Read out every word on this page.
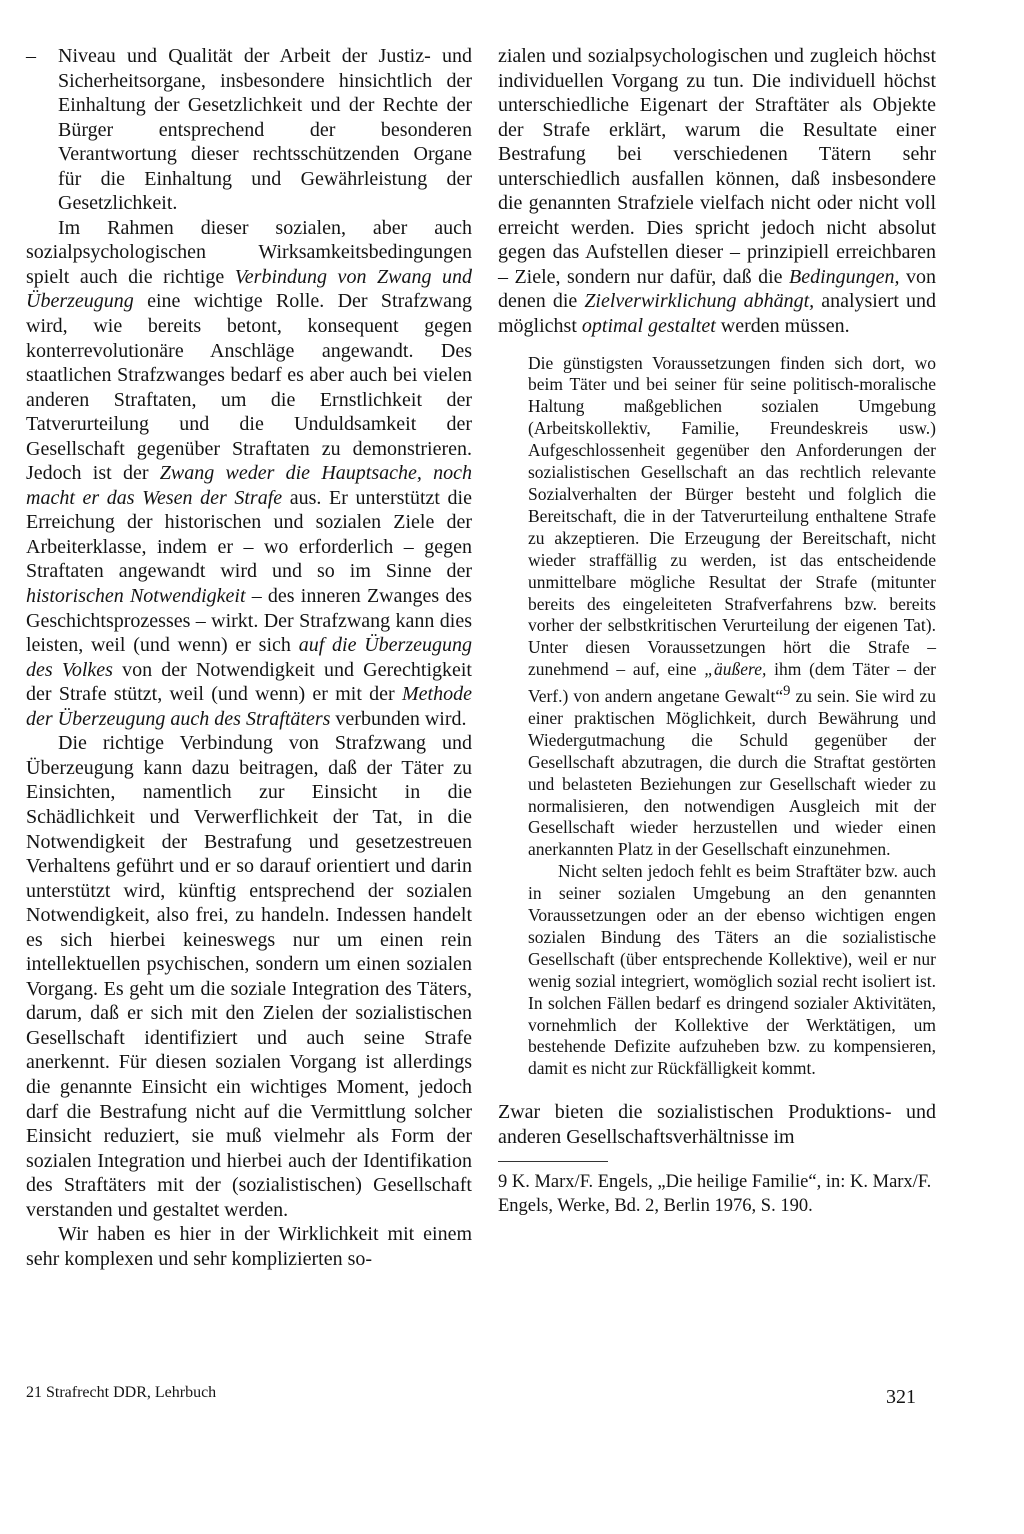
– Niveau und Qualität der Arbeit der Justiz- und Sicherheitsorgane, insbesondere hinsichtlich der Einhaltung der Gesetzlichkeit und der Rechte der Bürger entsprechend der besonderen Verantwortung dieser rechtsschützenden Organe für die Einhaltung und Gewährleistung der Gesetzlichkeit.

Im Rahmen dieser sozialen, aber auch sozialpsychologischen Wirksamkeitsbedingungen spielt auch die richtige Verbindung von Zwang und Überzeugung eine wichtige Rolle. Der Strafzwang wird, wie bereits betont, konsequent gegen konterrevolutionäre Anschläge angewandt. Des staatlichen Strafzwanges bedarf es aber auch bei vielen anderen Straftaten, um die Ernstlichkeit der Tatverurteilung und die Unduldsamkeit der Gesellschaft gegenüber Straftaten zu demonstrieren. Jedoch ist der Zwang weder die Hauptsache, noch macht er das Wesen der Strafe aus. Er unterstützt die Erreichung der historischen und sozialen Ziele der Arbeiterklasse, indem er – wo erforderlich – gegen Straftaten angewandt wird und so im Sinne der historischen Notwendigkeit – des inneren Zwanges des Geschichtsprozesses – wirkt. Der Strafzwang kann dies leisten, weil (und wenn) er sich auf die Überzeugung des Volkes von der Notwendigkeit und Gerechtigkeit der Strafe stützt, weil (und wenn) er mit der Methode der Überzeugung auch des Straftäters verbunden wird.

Die richtige Verbindung von Strafzwang und Überzeugung kann dazu beitragen, daß der Täter zu Einsichten, namentlich zur Einsicht in die Schädlichkeit und Verwerflichkeit der Tat, in die Notwendigkeit der Bestrafung und gesetzestreuen Verhaltens geführt und er so darauf orientiert und darin unterstützt wird, künftig entsprechend der sozialen Notwendigkeit, also frei, zu handeln. Indessen handelt es sich hierbei keineswegs nur um einen rein intellektuellen psychischen, sondern um einen sozialen Vorgang. Es geht um die soziale Integration des Täters, darum, daß er sich mit den Zielen der sozialistischen Gesellschaft identifiziert und auch seine Strafe anerkennt. Für diesen sozialen Vorgang ist allerdings die genannte Einsicht ein wichtiges Moment, jedoch darf die Bestrafung nicht auf die Vermittlung solcher Einsicht reduziert, sie muß vielmehr als Form der sozialen Integration und hierbei auch der Identifikation des Straftäters mit der (sozialistischen) Gesellschaft verstanden und gestaltet werden.

Wir haben es hier in der Wirklichkeit mit einem sehr komplexen und sehr komplizierten so-

zialen und sozialpsychologischen und zugleich höchst individuellen Vorgang zu tun. Die individuell höchst unterschiedliche Eigenart der Straftäter als Objekte der Strafe erklärt, warum die Resultate einer Bestrafung bei verschiedenen Tätern sehr unterschiedlich ausfallen können, daß insbesondere die genannten Strafziele vielfach nicht oder nicht voll erreicht werden. Dies spricht jedoch nicht absolut gegen das Aufstellen dieser – prinzipiell erreichbaren – Ziele, sondern nur dafür, daß die Bedingungen, von denen die Zielverwirklichung abhängt, analysiert und möglichst optimal gestaltet werden müssen.

Die günstigsten Voraussetzungen finden sich dort, wo beim Täter und bei seiner für seine politisch-moralische Haltung maßgeblichen sozialen Umgebung (Arbeitskollektiv, Familie, Freundeskreis usw.) Aufgeschlossenheit gegenüber den Anforderungen der sozialistischen Gesellschaft an das rechtlich relevante Sozialverhalten der Bürger besteht und folglich die Bereitschaft, die in der Tatverurteilung enthaltene Strafe zu akzeptieren. Die Erzeugung der Bereitschaft, nicht wieder straffällig zu werden, ist das entscheidende unmittelbare mögliche Resultat der Strafe (mitunter bereits des eingeleiteten Strafverfahrens bzw. bereits vorher der selbstkritischen Verurteilung der eigenen Tat). Unter diesen Voraussetzungen hört die Strafe – zunehmend – auf, eine „äußere, ihm (dem Täter – der Verf.) von andern angetane Gewalt“$^9$ zu sein. Sie wird zu einer praktischen Möglichkeit, durch Bewährung und Wiedergutmachung die Schuld gegenüber der Gesellschaft abzutragen, die durch die Straftat gestörten und belasteten Beziehungen zur Gesellschaft wieder zu normalisieren, den notwendigen Ausgleich mit der Gesellschaft wieder herzustellen und wieder einen anerkannten Platz in der Gesellschaft einzunehmen.

Nicht selten jedoch fehlt es beim Straftäter bzw. auch in seiner sozialen Umgebung an den genannten Voraussetzungen oder an der ebenso wichtigen engen sozialen Bindung des Täters an die sozialistische Gesellschaft (über entsprechende Kollektive), weil er nur wenig sozial integriert, womöglich sozial recht isoliert ist. In solchen Fällen bedarf es dringend sozialer Aktivitäten, vornehmlich der Kollektive der Werktätigen, um bestehende Defizite aufzuheben bzw. zu kompensieren, damit es nicht zur Rückfälligkeit kommt.

Zwar bieten die sozialistischen Produktions- und anderen Gesellschaftsverhältnisse im

9 K. Marx/F. Engels, „Die heilige Familie“, in: K. Marx/F. Engels, Werke, Bd. 2, Berlin 1976, S. 190.

21 Strafrecht DDR, Lehrbuch	321
